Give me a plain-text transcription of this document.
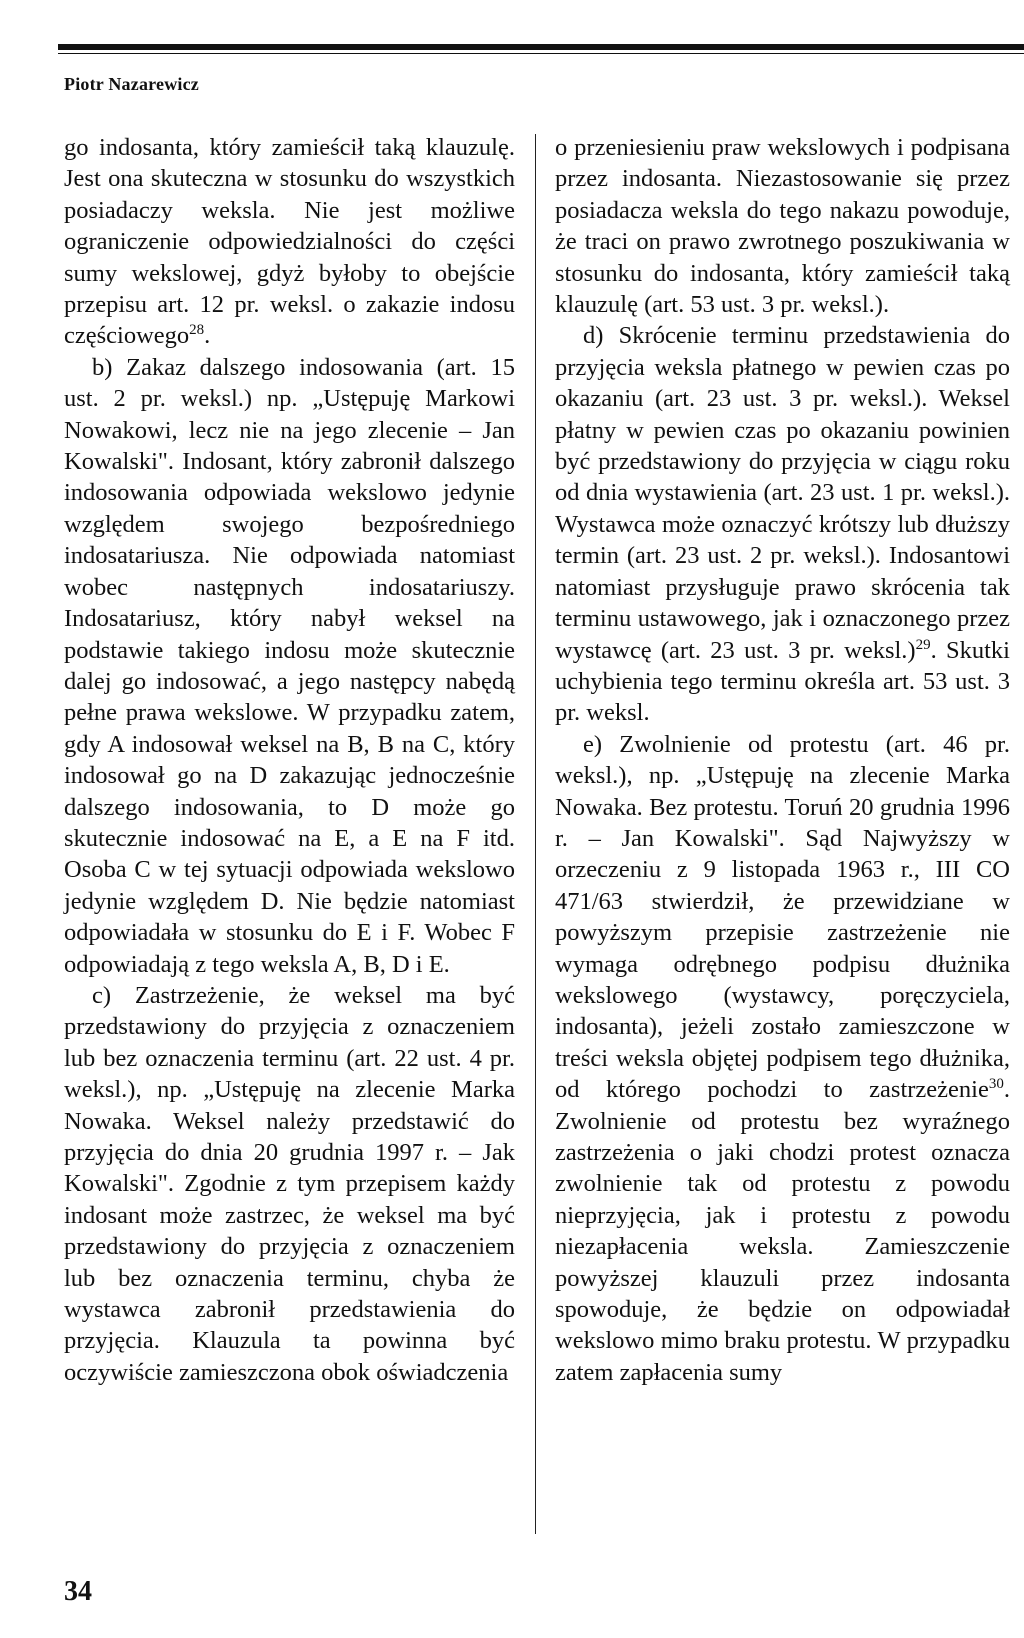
Piotr Nazarewicz

go indosanta, który zamieścił taką klauzulę. Jest ona skuteczna w stosunku do wszystkich posiadaczy weksla. Nie jest możliwe ograniczenie odpowiedzialności do części sumy wekslowej, gdyż byłoby to obejście przepisu art. 12 pr. weksl. o zakazie indosu częściowego$^{28}$.

b) Zakaz dalszego indosowania (art. 15 ust. 2 pr. weksl.) np. „Ustępuję Markowi Nowakowi, lecz nie na jego zlecenie – Jan Kowalski". Indosant, który zabronił dalszego indosowania odpowiada wekslowo jedynie względem swojego bezpośredniego indosatariusza. Nie odpowiada natomiast wobec następnych indosatariuszy. Indosatariusz, który nabył weksel na podstawie takiego indosu może skutecznie dalej go indosować, a jego następcy nabędą pełne prawa wekslowe. W przypadku zatem, gdy A indosował weksel na B, B na C, który indosował go na D zakazując jednocześnie dalszego indosowania, to D może go skutecznie indosować na E, a E na F itd. Osoba C w tej sytuacji odpowiada wekslowo jedynie względem D. Nie będzie natomiast odpowiadała w stosunku do E i F. Wobec F odpowiadają z tego weksla A, B, D i E.

c) Zastrzeżenie, że weksel ma być przedstawiony do przyjęcia z oznaczeniem lub bez oznaczenia terminu (art. 22 ust. 4 pr. weksl.), np. „Ustępuję na zlecenie Marka Nowaka. Weksel należy przedstawić do przyjęcia do dnia 20 grudnia 1997 r. – Jak Kowalski". Zgodnie z tym przepisem każdy indosant może zastrzec, że weksel ma być przedstawiony do przyjęcia z oznaczeniem lub bez oznaczenia terminu, chyba że wystawca zabronił przedstawienia do przyjęcia. Klauzula ta powinna być oczywiście zamieszczona obok oświadczenia

o przeniesieniu praw wekslowych i podpisana przez indosanta. Niezastosowanie się przez posiadacza weksla do tego nakazu powoduje, że traci on prawo zwrotnego poszukiwania w stosunku do indosanta, który zamieścił taką klauzulę (art. 53 ust. 3 pr. weksl.).

d) Skrócenie terminu przedstawienia do przyjęcia weksla płatnego w pewien czas po okazaniu (art. 23 ust. 3 pr. weksl.). Weksel płatny w pewien czas po okazaniu powinien być przedstawiony do przyjęcia w ciągu roku od dnia wystawienia (art. 23 ust. 1 pr. weksl.). Wystawca może oznaczyć krótszy lub dłuższy termin (art. 23 ust. 2 pr. weksl.). Indosantowi natomiast przysługuje prawo skrócenia tak terminu ustawowego, jak i oznaczonego przez wystawcę (art. 23 ust. 3 pr. weksl.)$^{29}$. Skutki uchybienia tego terminu określa art. 53 ust. 3 pr. weksl.

e) Zwolnienie od protestu (art. 46 pr. weksl.), np. „Ustępuję na zlecenie Marka Nowaka. Bez protestu. Toruń 20 grudnia 1996 r. – Jan Kowalski". Sąd Najwyższy w orzeczeniu z 9 listopada 1963 r., III CO 471/63 stwierdził, że przewidziane w powyższym przepisie zastrzeżenie nie wymaga odrębnego podpisu dłużnika wekslowego (wystawcy, poręczyciela, indosanta), jeżeli zostało zamieszczone w treści weksla objętej podpisem tego dłużnika, od którego pochodzi to zastrzeżenie$^{30}$. Zwolnienie od protestu bez wyraźnego zastrzeżenia o jaki chodzi protest oznacza zwolnienie tak od protestu z powodu nieprzyjęcia, jak i protestu z powodu niezapłacenia weksla. Zamieszczenie powyższej klauzuli przez indosanta spowoduje, że będzie on odpowiadał wekslowo mimo braku protestu. W przypadku zatem zapłacenia sumy

34
